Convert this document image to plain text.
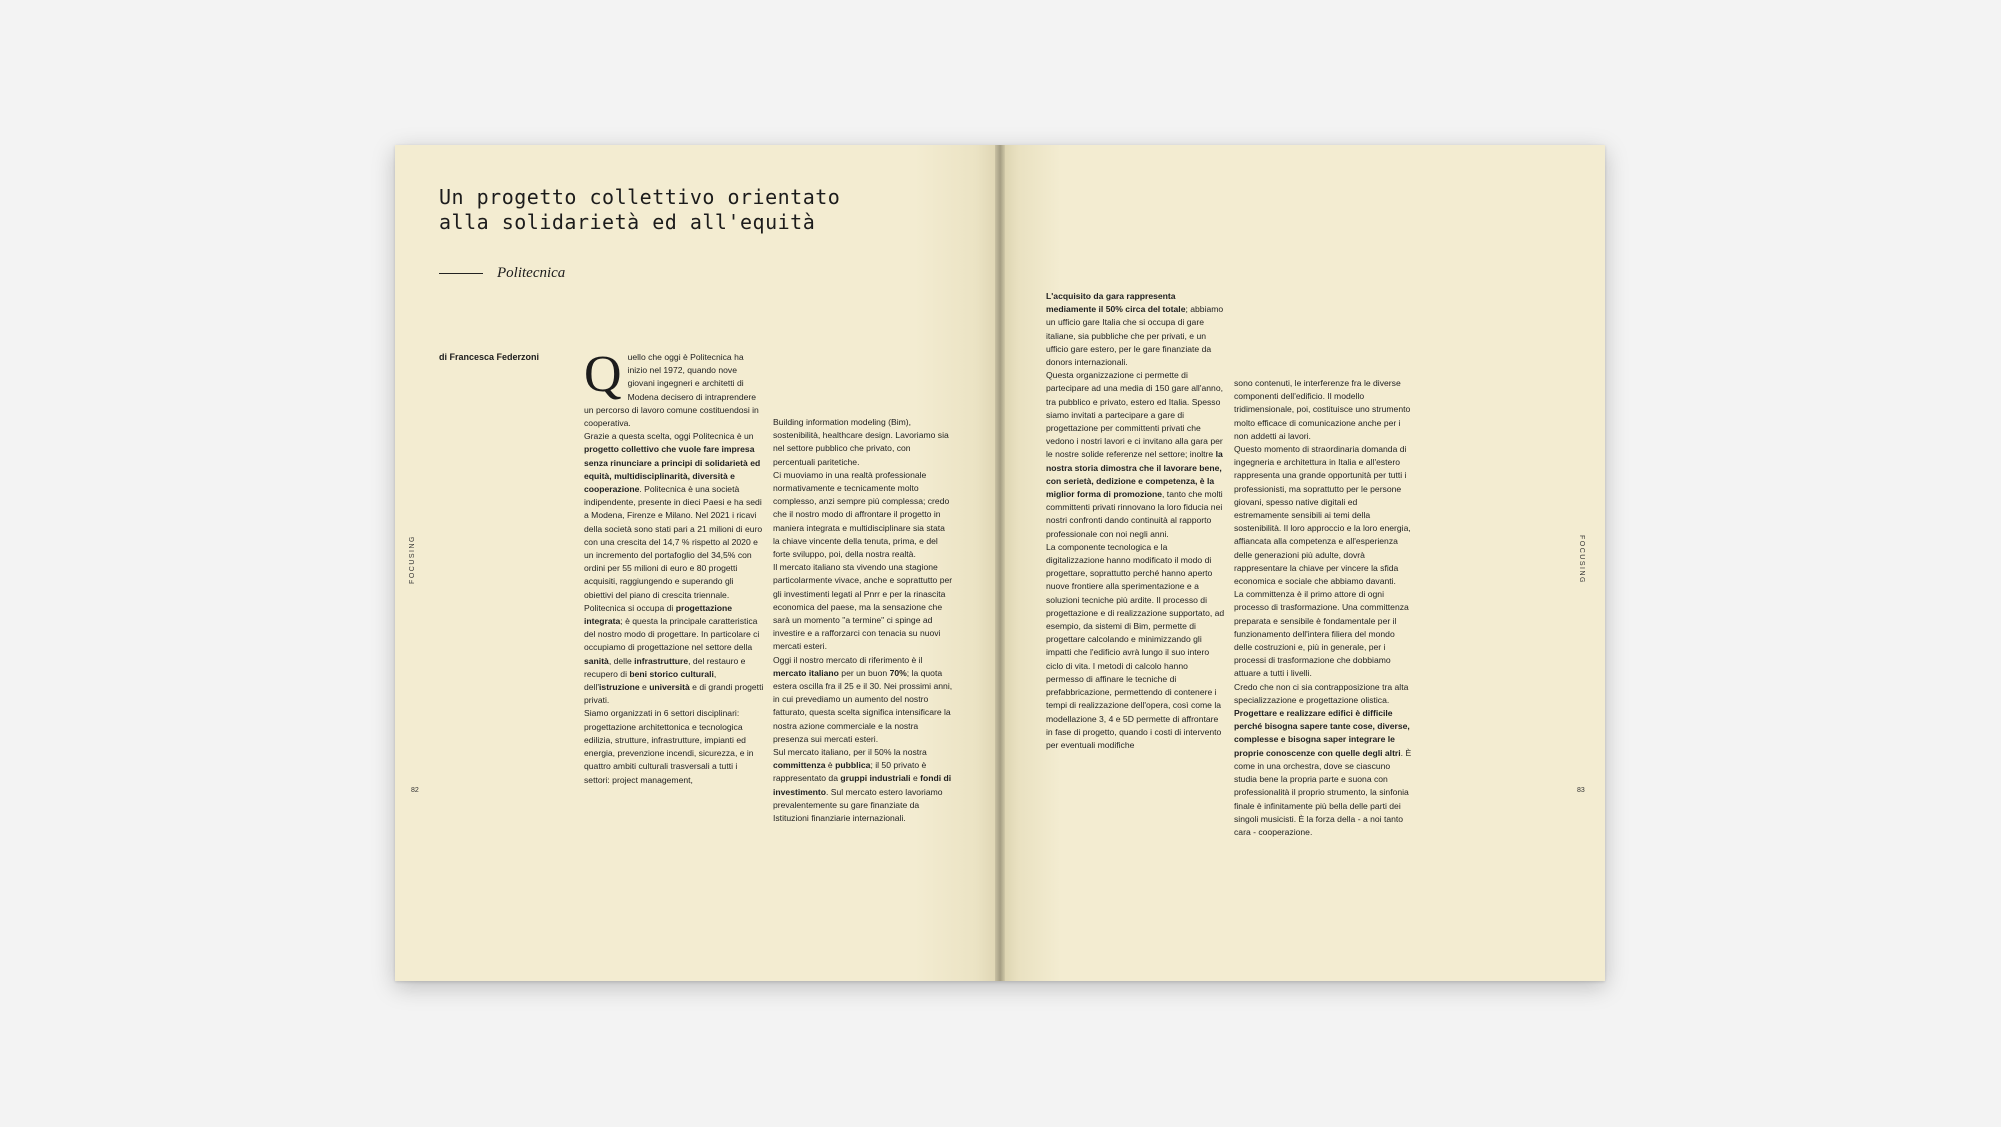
Un progetto collettivo orientato
alla solidarietà ed all'equità
Politecnica
di Francesca Federzoni
FOCUSING
82
Q uello che oggi è Politecnica ha inizio nel 1972, quando nove giovani ingegneri e architetti di Modena decisero di intraprendere un percorso di lavoro comune costituendosi in cooperativa.
Grazie a questa scelta, oggi Politecnica è un progetto collettivo che vuole fare impresa senza rinunciare a principi di solidarietà ed equità, multidisciplinarità, diversità e cooperazione. Politecnica è una società indipendente, presente in dieci Paesi e ha sedi a Modena, Firenze e Milano. Nel 2021 i ricavi della società sono stati pari a 21 milioni di euro con una crescita del 14,7 % rispetto al 2020 e un incremento del portafoglio del 34,5% con ordini per 55 milioni di euro e 80 progetti acquisiti, raggiungendo e superando gli obiettivi del piano di crescita triennale.
Politecnica si occupa di progettazione integrata; è questa la principale caratteristica del nostro modo di progettare. In particolare ci occupiamo di progettazione nel settore della sanità, delle infrastrutture, del restauro e recupero di beni storico culturali, dell'istruzione e università e di grandi progetti privati.
Siamo organizzati in 6 settori disciplinari: progettazione architettonica e tecnologica edilizia, strutture, infrastrutture, impianti ed energia, prevenzione incendi, sicurezza, e in quattro ambiti culturali trasversali a tutti i settori: project management,
Building information modeling (Bim), sostenibilità, healthcare design. Lavoriamo sia nel settore pubblico che privato, con percentuali paritetiche.
Ci muoviamo in una realtà professionale normativamente e tecnicamente molto complesso, anzi sempre più complessa; credo che il nostro modo di affrontare il progetto in maniera integrata e multidisciplinare sia stata la chiave vincente della tenuta, prima, e del forte sviluppo, poi, della nostra realtà.
Il mercato italiano sta vivendo una stagione particolarmente vivace, anche e soprattutto per gli investimenti legati al Pnrr e per la rinascita economica del paese, ma la sensazione che sarà un momento "a termine" ci spinge ad investire e a rafforzarci con tenacia su nuovi mercati esteri.
Oggi il nostro mercato di riferimento è il mercato italiano per un buon 70%; la quota estera oscilla fra il 25 e il 30. Nei prossimi anni, in cui prevediamo un aumento del nostro fatturato, questa scelta significa intensificare la nostra azione commerciale e la nostra presenza sui mercati esteri.
Sul mercato italiano, per il 50% la nostra committenza è pubblica; il 50 privato è rappresentato da gruppi industriali e fondi di investimento. Sul mercato estero lavoriamo prevalentemente su gare finanziate da Istituzioni finanziarie internazionali.
FOCUSING
83
L'acquisito da gara rappresenta mediamente il 50% circa del totale; abbiamo un ufficio gare Italia che si occupa di gare italiane, sia pubbliche che per privati, e un ufficio gare estero, per le gare finanziate da donors internazionali.
Questa organizzazione ci permette di partecipare ad una media di 150 gare all'anno, tra pubblico e privato, estero ed Italia. Spesso siamo invitati a partecipare a gare di progettazione per committenti privati che vedono i nostri lavori e ci invitano alla gara per le nostre solide referenze nel settore; inoltre la nostra storia dimostra che il lavorare bene, con serietà, dedizione e competenza, è la miglior forma di promozione, tanto che molti committenti privati rinnovano la loro fiducia nei nostri confronti dando continuità al rapporto professionale con noi negli anni.
La componente tecnologica e la digitalizzazione hanno modificato il modo di progettare, soprattutto perché hanno aperto nuove frontiere alla sperimentazione e a soluzioni tecniche più ardite. Il processo di progettazione e di realizzazione supportato, ad esempio, da sistemi di Bim, permette di progettare calcolando e minimizzando gli impatti che l'edificio avrà lungo il suo intero ciclo di vita. I metodi di calcolo hanno permesso di affinare le tecniche di prefabbricazione, permettendo di contenere i tempi di realizzazione dell'opera, così come la modellazione 3, 4 e 5D permette di affrontare in fase di progetto, quando i costi di intervento per eventuali modifiche
sono contenuti, le interferenze fra le diverse componenti dell'edificio. Il modello tridimensionale, poi, costituisce uno strumento molto efficace di comunicazione anche per i non addetti ai lavori.
Questo momento di straordinaria domanda di ingegneria e architettura in Italia e all'estero rappresenta una grande opportunità per tutti i professionisti, ma soprattutto per le persone giovani, spesso native digitali ed estremamente sensibili ai temi della sostenibilità. Il loro approccio e la loro energia, affiancata alla competenza e all'esperienza delle generazioni più adulte, dovrà rappresentare la chiave per vincere la sfida economica e sociale che abbiamo davanti.
La committenza è il primo attore di ogni processo di trasformazione. Una committenza preparata e sensibile è fondamentale per il funzionamento dell'intera filiera del mondo delle costruzioni e, più in generale, per i processi di trasformazione che dobbiamo attuare a tutti i livelli.
Credo che non ci sia contrapposizione tra alta specializzazione e progettazione olistica. Progettare e realizzare edifici è difficile perché bisogna sapere tante cose, diverse, complesse e bisogna saper integrare le proprie conoscenze con quelle degli altri. È come in una orchestra, dove se ciascuno studia bene la propria parte e suona con professionalità il proprio strumento, la sinfonia finale è infinitamente più bella delle parti dei singoli musicisti. È la forza della - a noi tanto cara - cooperazione.
